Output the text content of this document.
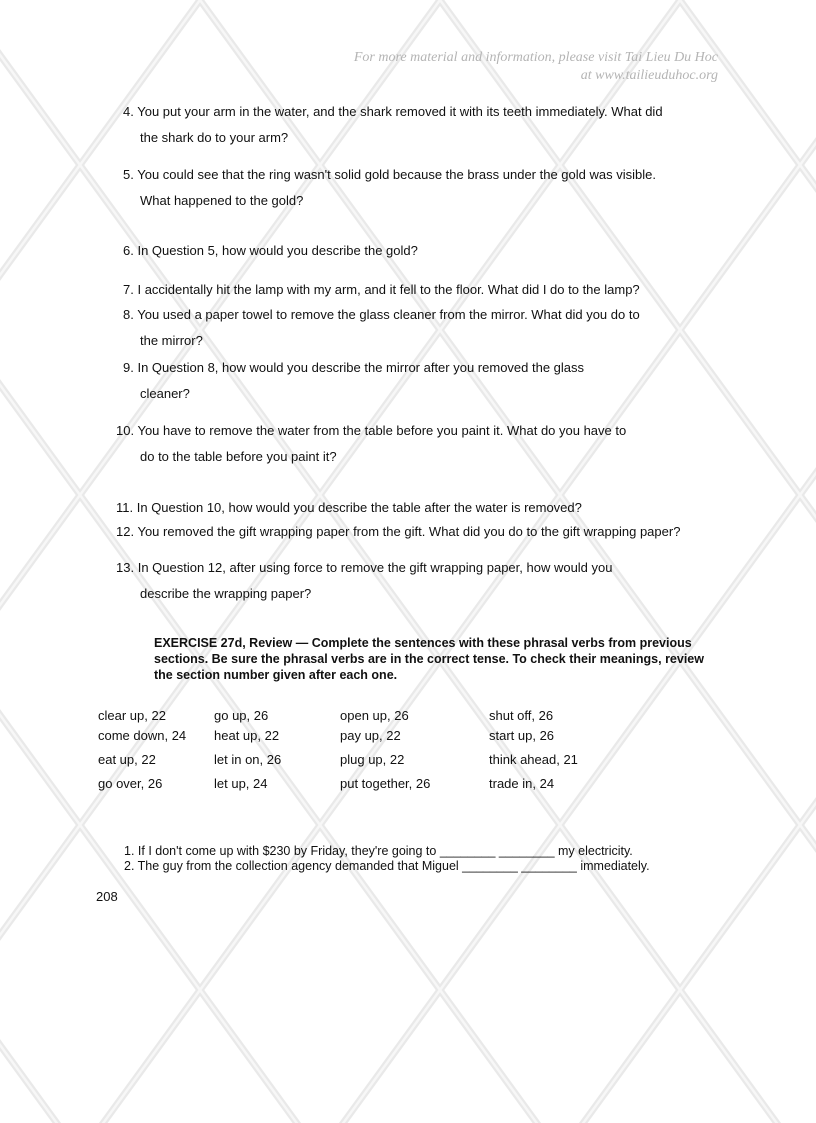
For more material and information, please visit Tai Lieu Du Hoc
at www.tailieuduhoc.org
4. You put your arm in the water, and the shark removed it with its teeth immediately. What did
the shark do to your arm?
5. You could see that the ring wasn't solid gold because the brass under the gold was visible.
What happened to the gold?
6. In Question 5, how would you describe the gold?
7. I accidentally hit the lamp with my arm, and it fell to the floor. What did I do to the lamp?
8. You used a paper towel to remove the glass cleaner from the mirror. What did you do to
the mirror?
9. In Question 8, how would you describe the mirror after you removed the glass
cleaner?
10. You have to remove the water from the table before you paint it. What do you have to
do to the table before you paint it?
11. In Question 10, how would you describe the table after the water is removed?
12. You removed the gift wrapping paper from the gift. What did you do to the gift wrapping paper?
13. In Question 12, after using force to remove the gift wrapping paper, how would you
describe the wrapping paper?
EXERCISE 27d, Review — Complete the sentences with these phrasal verbs from previous sections. Be sure the phrasal verbs are in the correct tense. To check their meanings, review the section number given after each one.
clear up, 22	go up, 26	open up, 26	shut off, 26
come down, 24 heat up, 22	pay up, 22	start up, 26
eat up, 22	let in on, 26	plug up, 22	think ahead, 21
go over, 26	let up, 24	put together, 26	trade in, 24
1. If I don't come up with $230 by Friday, they're going to ________ ________ my electricity.
2. The guy from the collection agency demanded that Miguel ________ ________ immediately.
208
